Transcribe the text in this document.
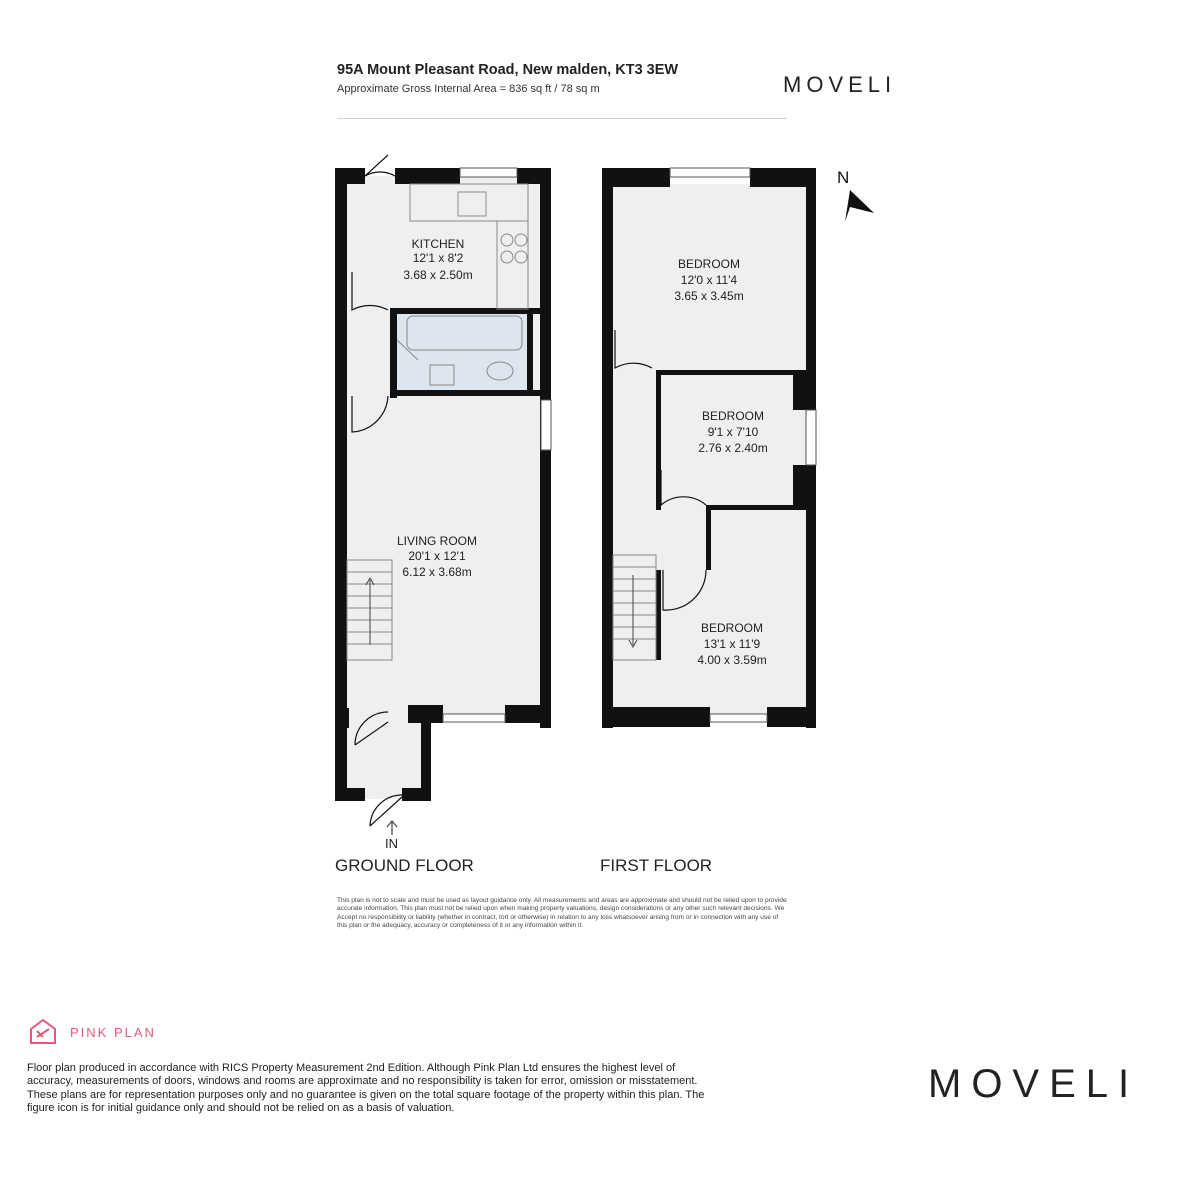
95A Mount Pleasant Road, New malden, KT3 3EW
Approximate Gross Internal Area = 836 sq ft / 78 sq m	MOVELI
N
KITCHEN
12'1 x 8'2
3.68 x 2.50m
LIVING ROOM
20'1 x 12'1
6.12 x 3.68m
BEDROOM
12'0 x 11'4
3.65 x 3.45m
BEDROOM
9'1 x 7'10
2.76 x 2.40m
BEDROOM
13'1 x 11'9
4.00 x 3.59m
IN
GROUND FLOOR	FIRST FLOOR
This plan is not to scale and must be used as layout guidance only. All measurements and areas are approximate and should not be relied upon to provide accurate information. This plan must not be relied upon when making property valuations, design considerations or any other such relevant decisions. We Accept no responsibility or liability (whether in contract, tort or otherwise) in relation to any loss whatsoever arising from or in connection with any use of this plan or the adequacy, accuracy or completeness of it or any information within it.
PINK PLAN
Floor plan produced in accordance with RICS Property Measurement 2nd Edition. Although Pink Plan Ltd ensures the highest level of accuracy, measurements of doors, windows and rooms are approximate and no responsibility is taken for error, omission or misstatement. These plans are for representation purposes only and no guarantee is given on the total square footage of the property within this plan. The figure icon is for initial guidance only and should not be relied on as a basis of valuation.
MOVELI
